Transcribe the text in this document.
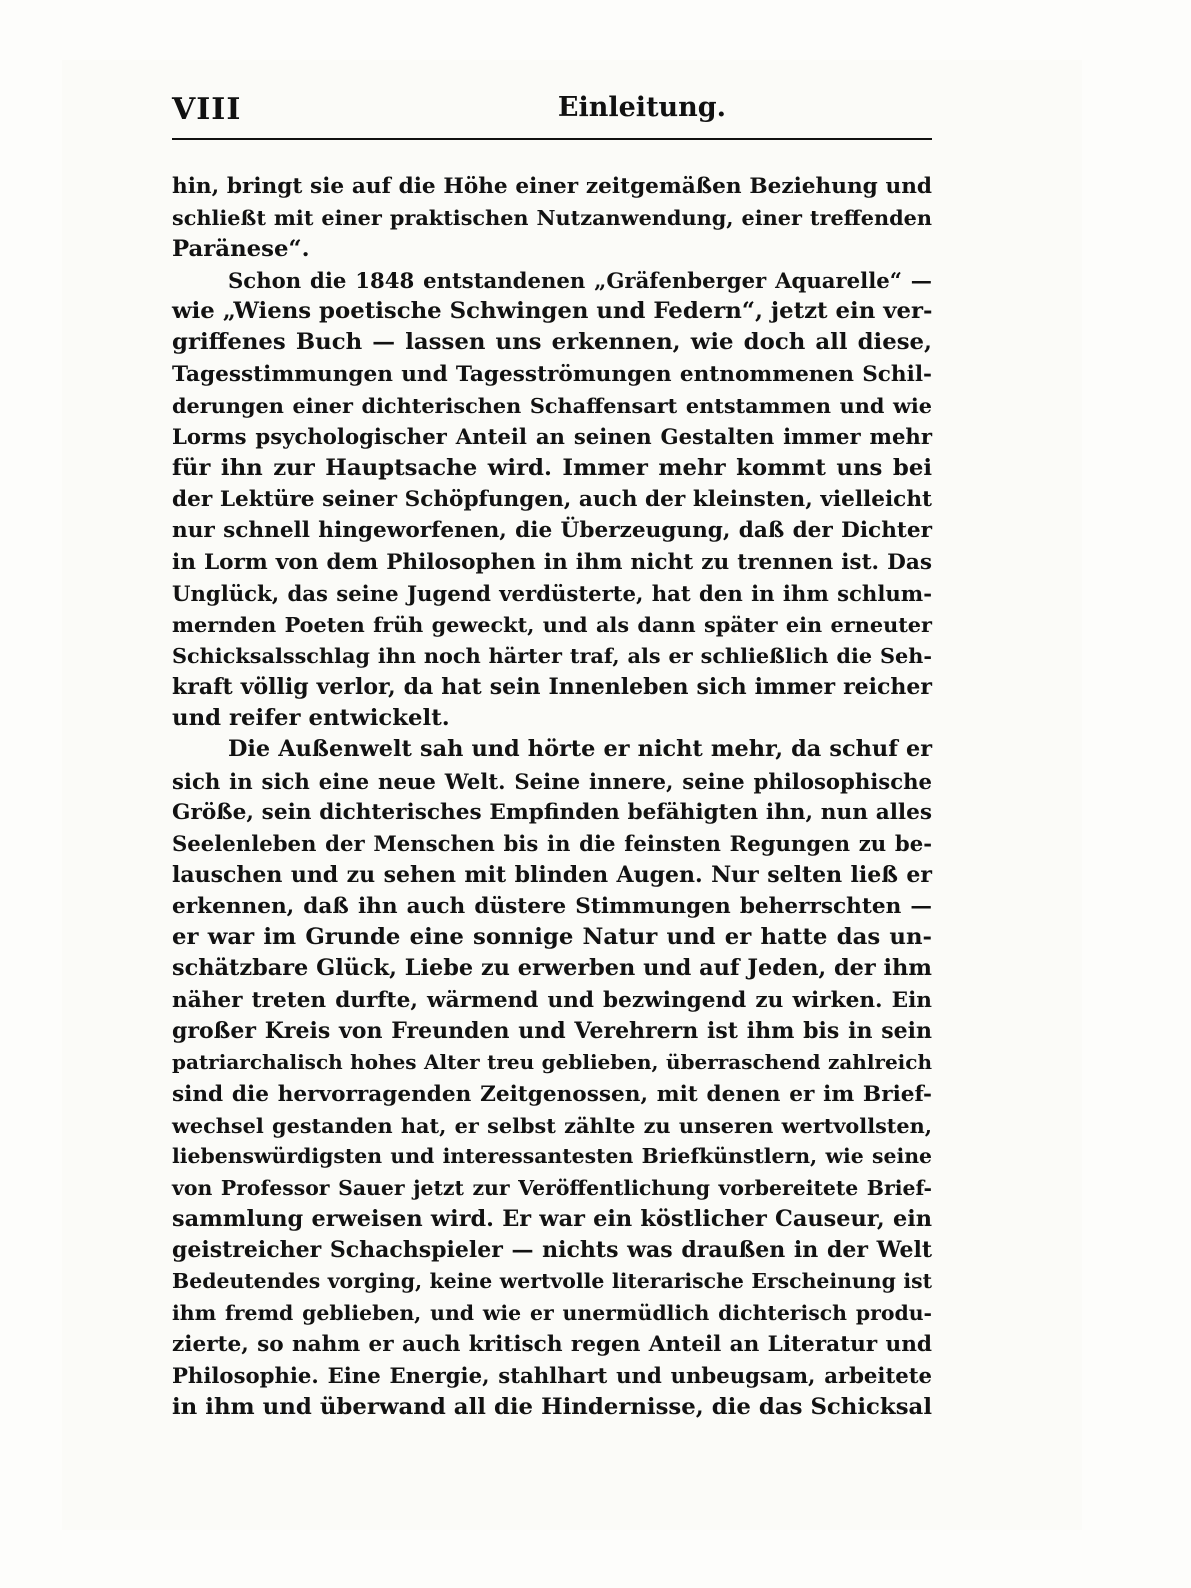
VIII	Einleitung.

hin, bringt sie auf die Höhe einer zeitgemäßen Beziehung und
schließt mit einer praktischen Nutzanwendung, einer treffenden
Paränese“.

Schon die 1848 entstandenen „Gräfenberger Aquarelle“ —
wie „Wiens poetische Schwingen und Federn“, jetzt ein ver-
griffenes Buch — lassen uns erkennen, wie doch all diese,
Tagesstimmungen und Tagesströmungen entnommenen Schil-
derungen einer dichterischen Schaffensart entstammen und wie
Lorms psychologischer Anteil an seinen Gestalten immer mehr
für ihn zur Hauptsache wird. Immer mehr kommt uns bei
der Lektüre seiner Schöpfungen, auch der kleinsten, vielleicht
nur schnell hingeworfenen, die Überzeugung, daß der Dichter
in Lorm von dem Philosophen in ihm nicht zu trennen ist. Das
Unglück, das seine Jugend verdüsterte, hat den in ihm schlum-
mernden Poeten früh geweckt, und als dann später ein erneuter
Schicksalsschlag ihn noch härter traf, als er schließlich die Seh-
kraft völlig verlor, da hat sein Innenleben sich immer reicher
und reifer entwickelt.

Die Außenwelt sah und hörte er nicht mehr, da schuf er
sich in sich eine neue Welt. Seine innere, seine philosophische
Größe, sein dichterisches Empfinden befähigten ihn, nun alles
Seelenleben der Menschen bis in die feinsten Regungen zu be-
lauschen und zu sehen mit blinden Augen. Nur selten ließ er
erkennen, daß ihn auch düstere Stimmungen beherrschten —
er war im Grunde eine sonnige Natur und er hatte das un-
schätzbare Glück, Liebe zu erwerben und auf Jeden, der ihm
näher treten durfte, wärmend und bezwingend zu wirken. Ein
großer Kreis von Freunden und Verehrern ist ihm bis in sein
patriarchalisch hohes Alter treu geblieben, überraschend zahlreich
sind die hervorragenden Zeitgenossen, mit denen er im Brief-
wechsel gestanden hat, er selbst zählte zu unseren wertvollsten,
liebenswürdigsten und interessantesten Briefkünstlern, wie seine
von Professor Sauer jetzt zur Veröffentlichung vorbereitete Brief-
sammlung erweisen wird. Er war ein köstlicher Causeur, ein
geistreicher Schachspieler — nichts was draußen in der Welt
Bedeutendes vorging, keine wertvolle literarische Erscheinung ist
ihm fremd geblieben, und wie er unermüdlich dichterisch produ-
zierte, so nahm er auch kritisch regen Anteil an Literatur und
Philosophie. Eine Energie, stahlhart und unbeugsam, arbeitete
in ihm und überwand all die Hindernisse, die das Schicksal
